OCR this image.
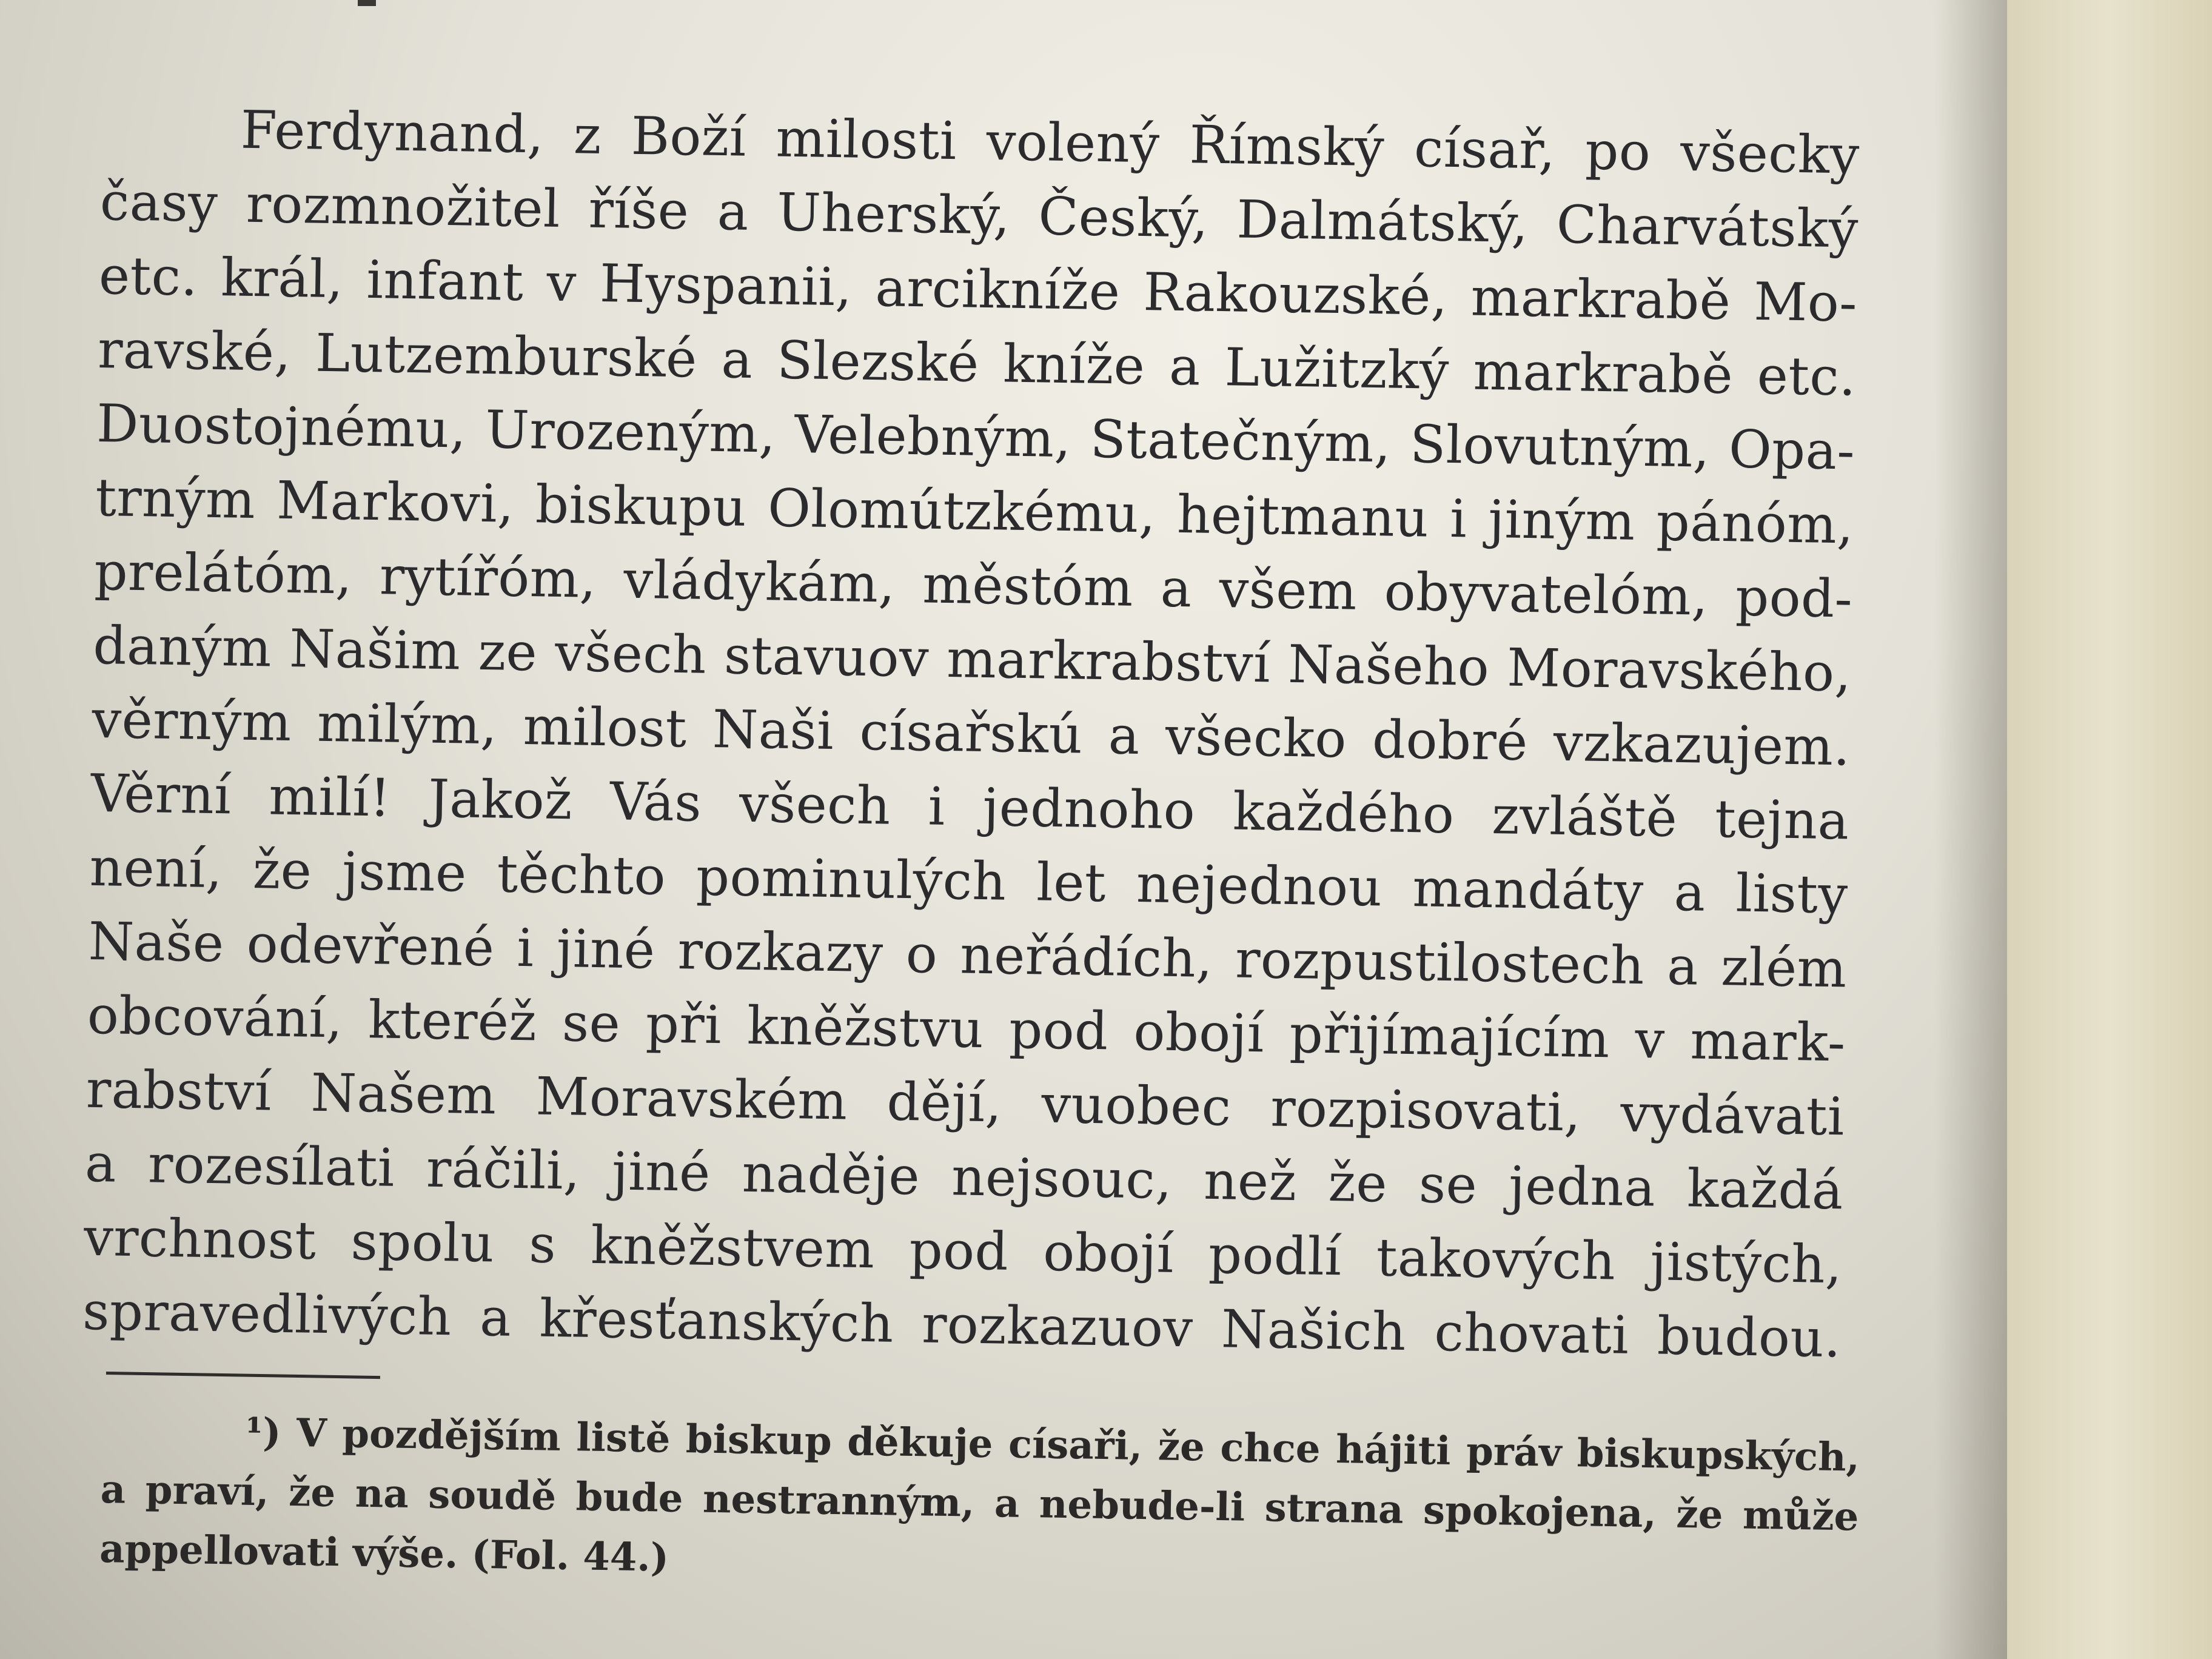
Ferdynand, z Boží milosti volený Římský císař, po všecky
časy rozmnožitel říše a Uherský, Český, Dalmátský, Charvátský
etc. král, infant v Hyspanii, arcikníže Rakouzské, markrabě Mo-
ravské, Lutzemburské a Slezské kníže a Lužitzký markrabě etc.
Duostojnému, Urozeným, Velebným, Statečným, Slovutným, Opa-
trným Markovi, biskupu Olomútzkému, hejtmanu i jiným pánóm,
prelátóm, rytířóm, vládykám, městóm a všem obyvatelóm, pod-
daným Našim ze všech stavuov markrabství Našeho Moravského,
věrným milým, milost Naši císařskú a všecko dobré vzkazujem.
Věrní milí! Jakož Vás všech i jednoho každého zvláště tejna
není, že jsme těchto pominulých let nejednou mandáty a listy
Naše odevřené i jiné rozkazy o neřádích, rozpustilostech a zlém
obcování, kteréž se při kněžstvu pod obojí přijímajícím v mark-
rabství Našem Moravském dějí, vuobec rozpisovati, vydávati
a rozesílati ráčili, jiné naděje nejsouc, než že se jedna každá
vrchnost spolu s kněžstvem pod obojí podlí takových jistých,
spravedlivých a křesťanských rozkazuov Našich chovati budou.
¹) V pozdějším listě biskup děkuje císaři, že chce hájiti práv biskupských,
a praví, že na soudě bude nestranným, a nebude-li strana spokojena, že může
appellovati výše. (Fol. 44.)
